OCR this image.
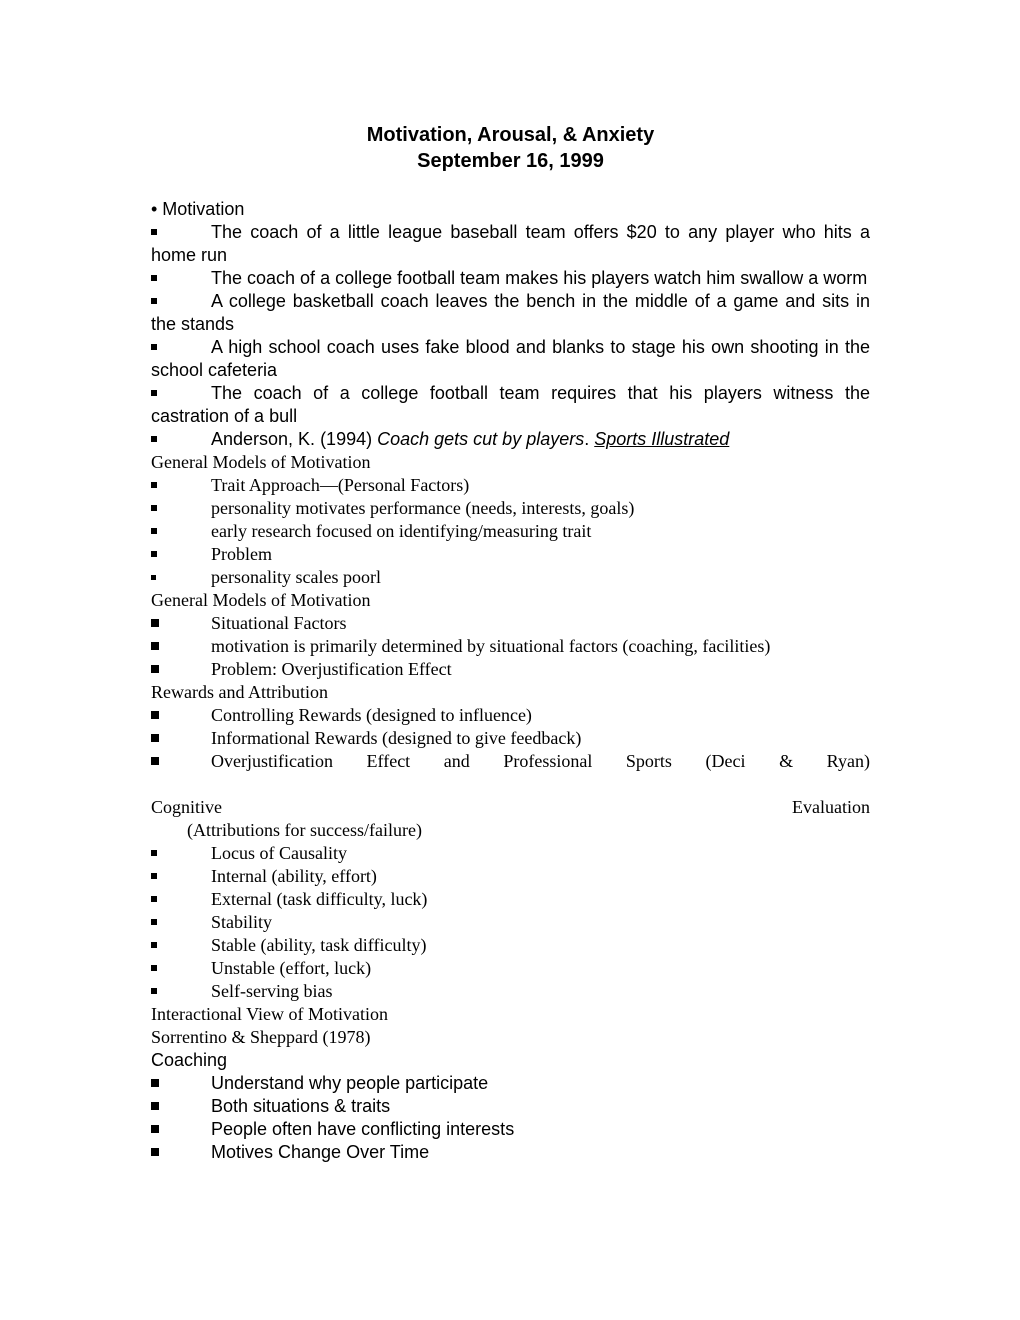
Motivation, Arousal, & Anxiety

September 16, 1999

• Motivation
The coach of a little league baseball team offers $20 to any player who hits a home run
The coach of a college football team makes his players watch him swallow a worm
A college basketball coach leaves the bench in the middle of a game and sits in the stands
A high school coach uses fake blood and blanks to stage his own shooting in the school cafeteria
The coach of a college football team requires that his players witness the castration of a bull
Anderson, K. (1994) Coach gets cut by players. Sports Illustrated
General Models of Motivation
Trait Approach—(Personal Factors)
personality motivates performance (needs, interests, goals)
early research focused on identifying/measuring trait
Problem
personality scales poorl
General Models of Motivation
Situational Factors
motivation is primarily determined by situational factors (coaching, facilities)
Problem: Overjustification Effect
Rewards and Attribution
Controlling Rewards (designed to influence)
Informational Rewards (designed to give feedback)
Overjustification Effect and Professional Sports (Deci & Ryan)
Cognitive	Evaluation
(Attributions for success/failure)
Locus of Causality
Internal (ability, effort)
External (task difficulty, luck)
Stability
Stable (ability, task difficulty)
Unstable (effort, luck)
Self-serving bias
Interactional View of Motivation
Sorrentino & Sheppard (1978)
Coaching
Understand why people participate
Both situations & traits
People often have conflicting interests
Motives Change Over Time
